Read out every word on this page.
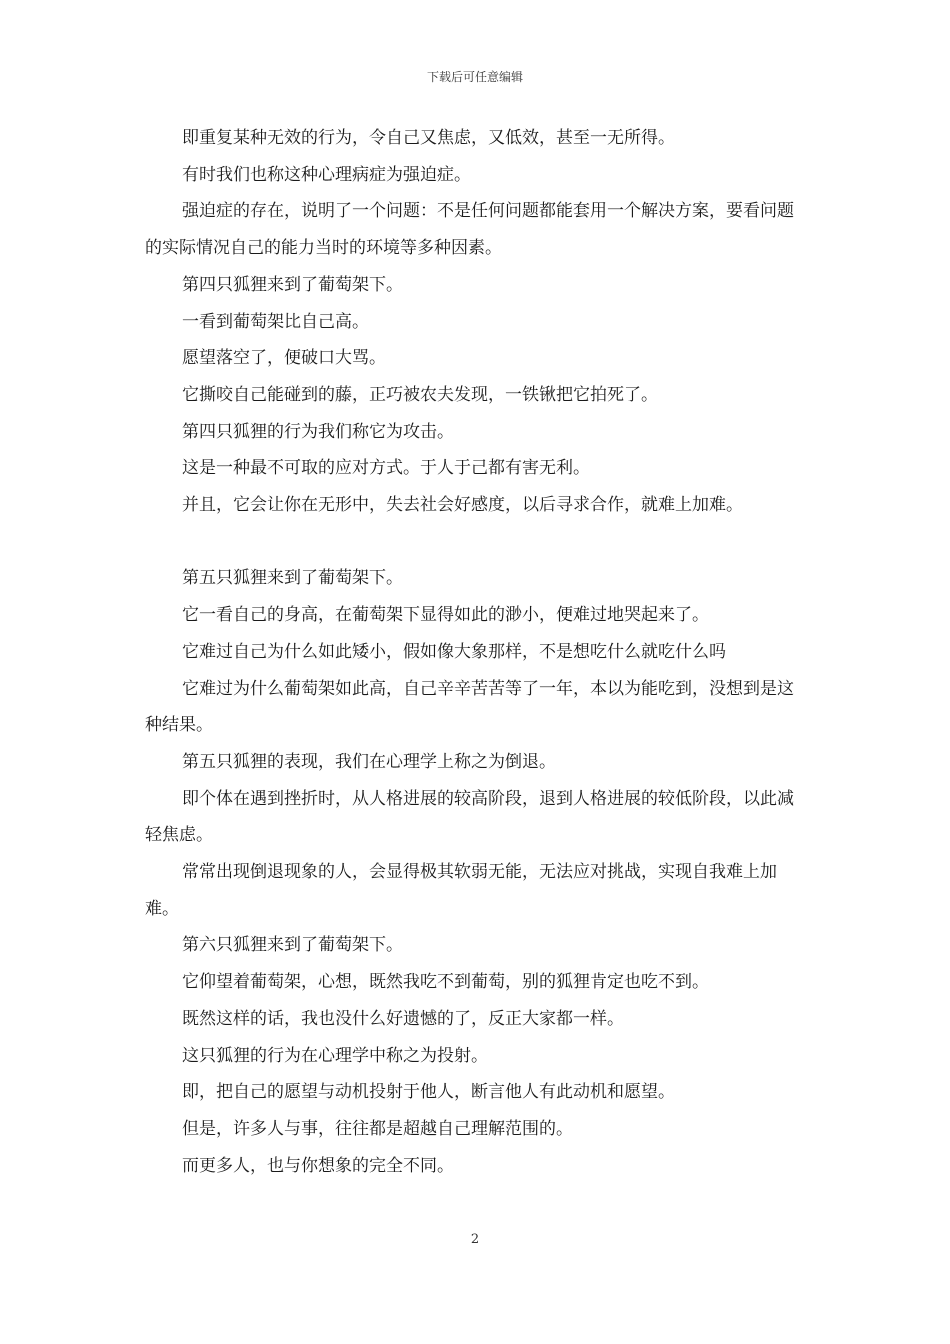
下载后可任意编辑

即重复某种无效的行为，令自己又焦虑，又低效，甚至一无所得。

有时我们也称这种心理病症为强迫症。

强迫症的存在，说明了一个问题：不是任何问题都能套用一个解决方案，要看问题的实际情况自己的能力当时的环境等多种因素。

第四只狐狸来到了葡萄架下。

一看到葡萄架比自己高。

愿望落空了，便破口大骂。

它撕咬自己能碰到的藤，正巧被农夫发现，一铁锹把它拍死了。

第四只狐狸的行为我们称它为攻击。

这是一种最不可取的应对方式。于人于己都有害无利。

并且，它会让你在无形中，失去社会好感度，以后寻求合作，就难上加难。

第五只狐狸来到了葡萄架下。

它一看自己的身高，在葡萄架下显得如此的渺小，便难过地哭起来了。

它难过自己为什么如此矮小，假如像大象那样，不是想吃什么就吃什么吗

它难过为什么葡萄架如此高，自己辛辛苦苦等了一年，本以为能吃到，没想到是这种结果。

第五只狐狸的表现，我们在心理学上称之为倒退。

即个体在遇到挫折时，从人格进展的较高阶段，退到人格进展的较低阶段，以此减轻焦虑。

常常出现倒退现象的人，会显得极其软弱无能，无法应对挑战，实现自我难上加难。

第六只狐狸来到了葡萄架下。

它仰望着葡萄架，心想，既然我吃不到葡萄，别的狐狸肯定也吃不到。

既然这样的话，我也没什么好遗憾的了，反正大家都一样。

这只狐狸的行为在心理学中称之为投射。

即，把自己的愿望与动机投射于他人，断言他人有此动机和愿望。

但是，许多人与事，往往都是超越自己理解范围的。

而更多人，也与你想象的完全不同。

2
